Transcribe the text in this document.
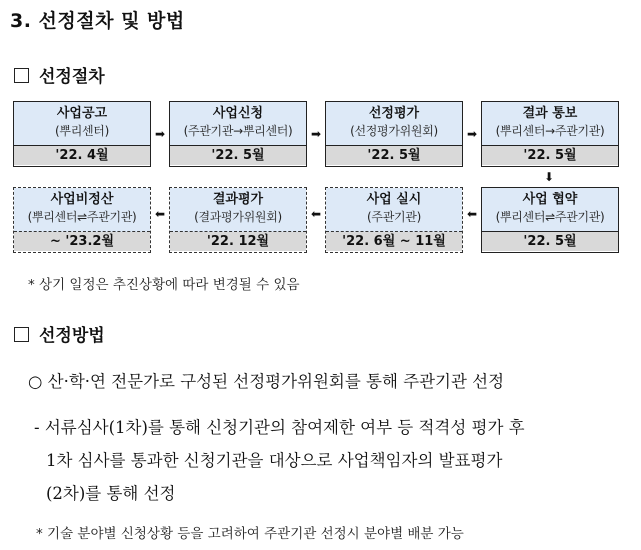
3. 선정절차 및 방법
선정절차
사업공고
(뿌리센터)
'22. 4월
➡
사업신청
(주관기관→뿌리센터)
'22. 5월
➡
선정평가
(선정평가위원회)
'22. 5월
➡
결과 통보
(뿌리센터→주관기관)
'22. 5월
⬇
사업 협약
(뿌리센터⇌주관기관)
'22. 5월
⬅
사업 실시
(주관기관)
'22. 6월 ~ 11월
⬅
결과평가
(결과평가위원회)
'22. 12월
⬅
사업비정산
(뿌리센터⇌주관기관)
~ '23.2월
* 상기 일정은 추진상황에 따라 변경될 수 있음
선정방법
○ 산·학·연 전문가로 구성된 선정평가위원회를 통해 주관기관 선정
- 서류심사(1차)를 통해 신청기관의 참여제한 여부 등 적격성 평가 후
1차 심사를 통과한 신청기관을 대상으로 사업책임자의 발표평가
(2차)를 통해 선정
* 기술 분야별 신청상황 등을 고려하여 주관기관 선정시 분야별 배분 가능
